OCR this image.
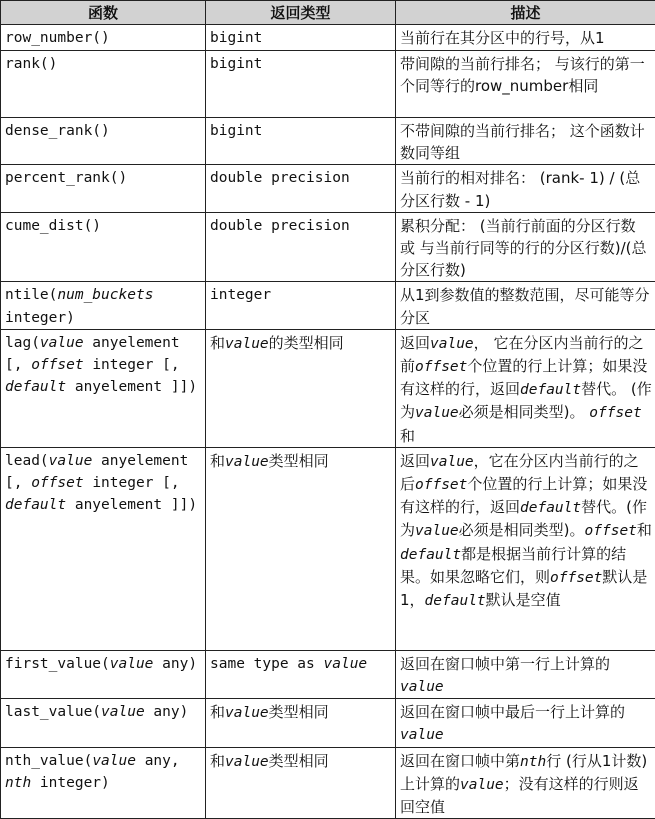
函数	返回类型	描述
row_number()	bigint	当前行在其分区中的行号，从1
rank()	bigint	带间隙的当前行排名； 与该行的第一个同等行的row_number相同
dense_rank()	bigint	不带间隙的当前行排名； 这个函数计数同等组
percent_rank()	double precision	当前行的相对排名： (rank- 1) / (总分区行数 - 1)
cume_dist()	double precision	累积分配： (当前行前面的分区行数 或 与当前行同等的行的分区行数)/(总分区行数)
ntile(num_buckets integer)	integer	从1到参数值的整数范围，尽可能等分分区
lag(value anyelement [, offset integer [, default anyelement ]])	和value的类型相同	返回value， 它在分区内当前行的之前offset个位置的行上计算；如果没有这样的行，返回default替代。 (作为value必须是相同类型)。 offset和
lead(value anyelement [, offset integer [, default anyelement ]])	和value类型相同	返回value，它在分区内当前行的之后offset个位置的行上计算；如果没有这样的行，返回default替代。(作为value必须是相同类型)。offset和default都是根据当前行计算的结果。如果忽略它们，则offset默认是1，default默认是空值
first_value(value any)	same type as value	返回在窗口帧中第一行上计算的value
last_value(value any)	和value类型相同	返回在窗口帧中最后一行上计算的value
nth_value(value any, nth integer)	和value类型相同	返回在窗口帧中第nth行 (行从1计数) 上计算的value；没有这样的行则返回空值
